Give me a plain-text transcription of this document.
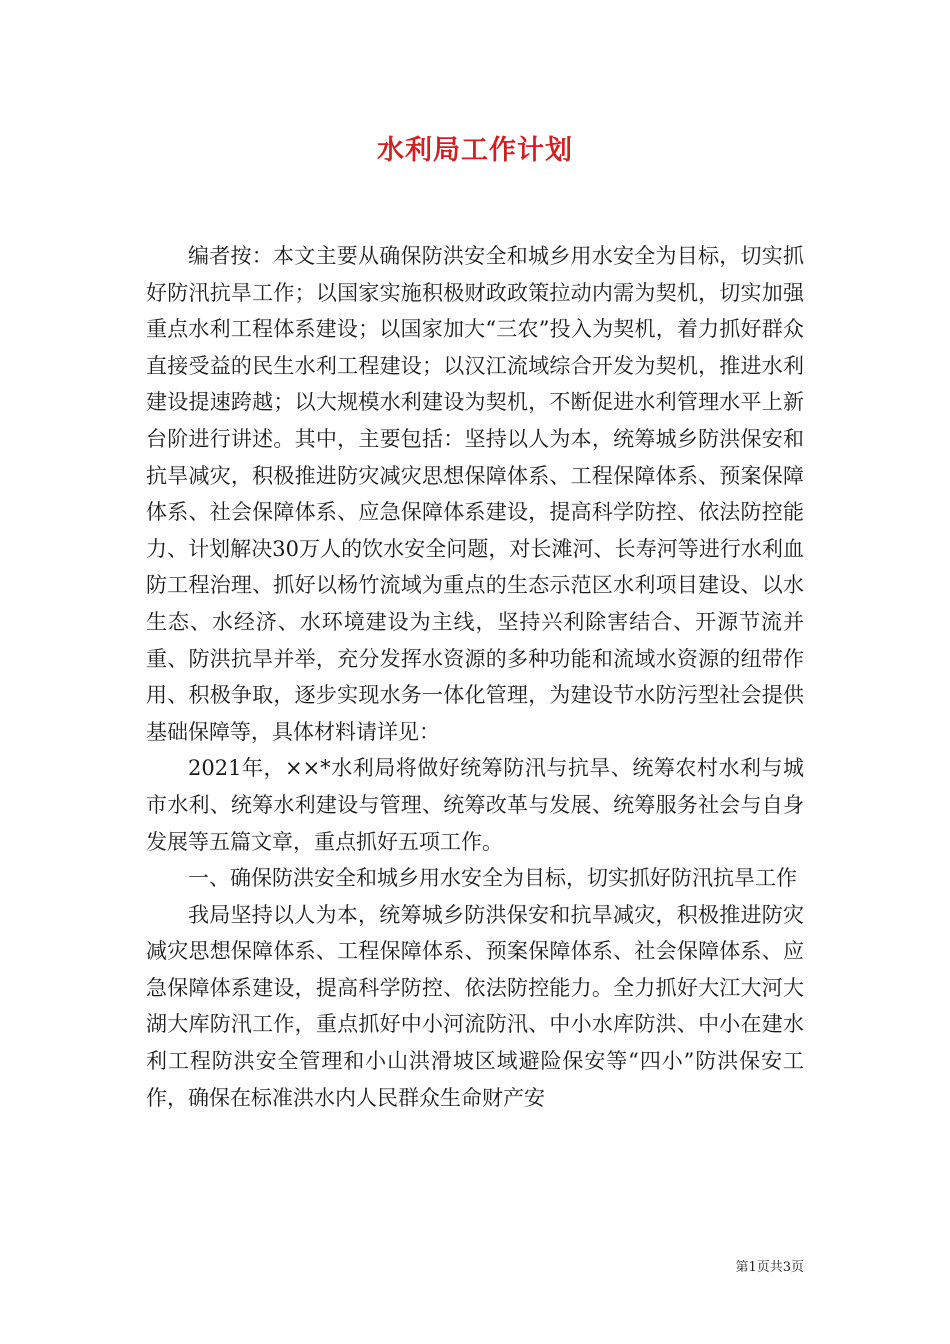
水利局工作计划

编者按：本文主要从确保防洪安全和城乡用水安全为目标，切实抓好防汛抗旱工作；以国家实施积极财政政策拉动内需为契机，切实加强重点水利工程体系建设；以国家加大“三农”投入为契机，着力抓好群众直接受益的民生水利工程建设；以汉江流域综合开发为契机，推进水利建设提速跨越；以大规模水利建设为契机，不断促进水利管理水平上新台阶进行讲述。其中，主要包括：坚持以人为本，统筹城乡防洪保安和抗旱减灾，积极推进防灾减灾思想保障体系、工程保障体系、预案保障体系、社会保障体系、应急保障体系建设，提高科学防控、依法防控能力、计划解决30万人的饮水安全问题，对长滩河、长寿河等进行水利血防工程治理、抓好以杨竹流域为重点的生态示范区水利项目建设、以水生态、水经济、水环境建设为主线，坚持兴利除害结合、开源节流并重、防洪抗旱并举，充分发挥水资源的多种功能和流域水资源的纽带作用、积极争取，逐步实现水务一体化管理，为建设节水防污型社会提供基础保障等，具体材料请详见：

2021年，××*水利局将做好统筹防汛与抗旱、统筹农村水利与城市水利、统筹水利建设与管理、统筹改革与发展、统筹服务社会与自身发展等五篇文章，重点抓好五项工作。

一、确保防洪安全和城乡用水安全为目标，切实抓好防汛抗旱工作

我局坚持以人为本，统筹城乡防洪保安和抗旱减灾，积极推进防灾减灾思想保障体系、工程保障体系、预案保障体系、社会保障体系、应急保障体系建设，提高科学防控、依法防控能力。全力抓好大江大河大湖大库防汛工作，重点抓好中小河流防汛、中小水库防洪、中小在建水利工程防洪安全管理和小山洪滑坡区域避险保安等“四小”防洪保安工作，确保在标准洪水内人民群众生命财产安

第1页共3页
